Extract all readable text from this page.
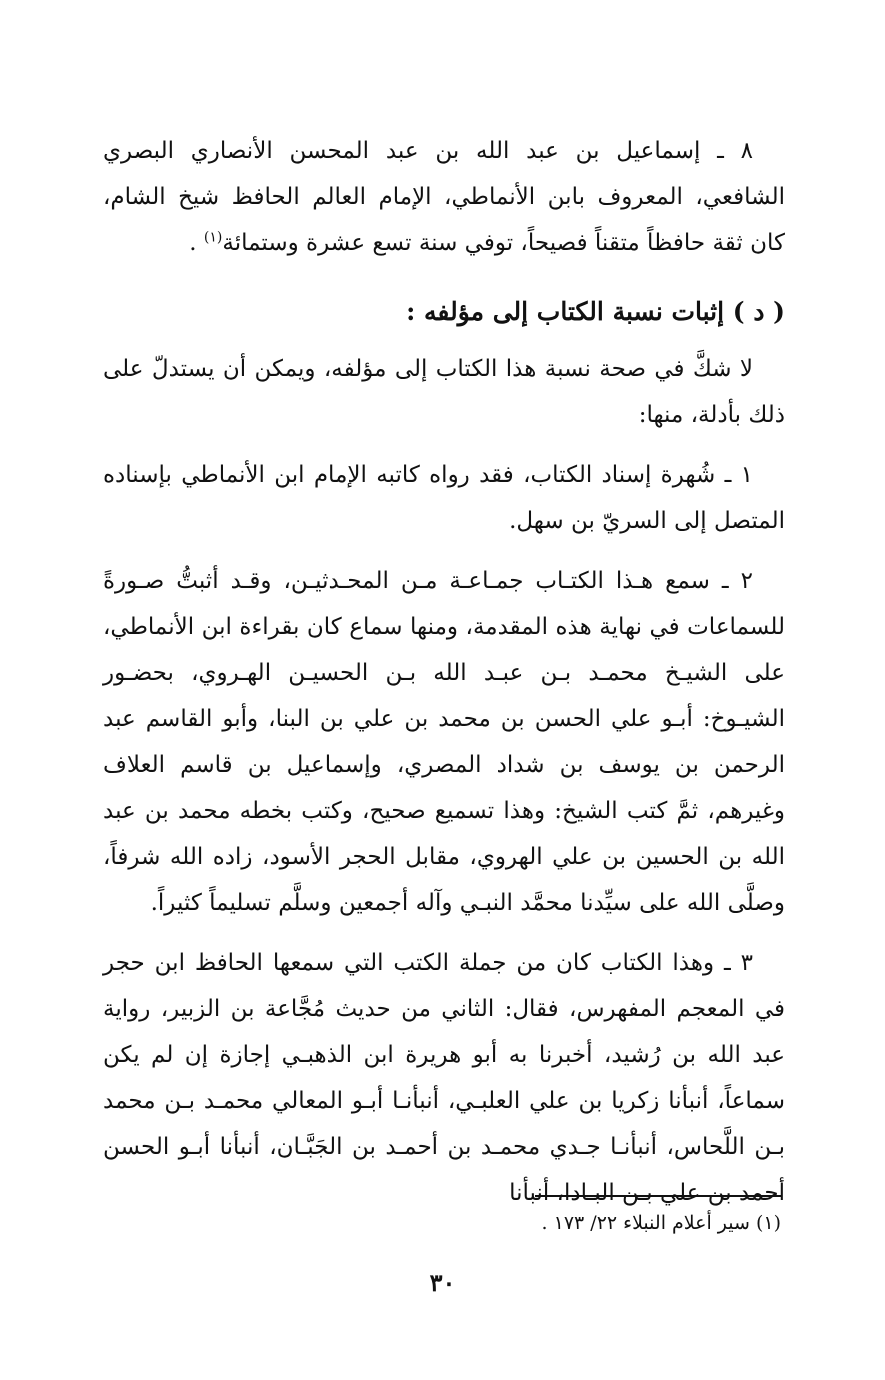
٨ ـ إسماعيل بن عبد الله بن عبد المحسن الأنصاري البصري الشافعي، المعروف بابن الأنماطي، الإمام العالم الحافظ شيخ الشام، كان ثقة حافظاً متقناً فصيحاً، توفي سنة تسع عشرة وستمائة$^{(١)}$ .

( د ) إثبات نسبة الكتاب إلى مؤلفه :

لا شكَّ في صحة نسبة هذا الكتاب إلى مؤلفه، ويمكن أن يستدلّ على ذلك بأدلة، منها:

١ ـ شُهرة إسناد الكتاب، فقد رواه كاتبه الإمام ابن الأنماطي بإسناده المتصل إلى السريّ بن سهل.

٢ ـ سمع هـذا الكتـاب جمـاعـة مـن المحـدثيـن، وقـد أثبتُّ صـورةً للسماعات في نهاية هذه المقدمة، ومنها سماع كان بقراءة ابن الأنماطي، على الشيـخ محمـد بـن عبـد الله بـن الحسيـن الهـروي، بحضـور الشيـوخ: أبـو علي الحسن بن محمد بن علي بن البنا، وأبو القاسم عبد الرحمن بن يوسف بن شداد المصري، وإسماعيل بن قاسم العلاف وغيرهم، ثمَّ كتب الشيخ: وهذا تسميع صحيح، وكتب بخطه محمد بن عبد الله بن الحسين بن علي الهروي، مقابل الحجر الأسود، زاده الله شرفاً، وصلَّى الله على سيِّدنا محمَّد النبـي وآله أجمعين وسلَّم تسليماً كثيراً.

٣ ـ وهذا الكتاب كان من جملة الكتب التي سمعها الحافظ ابن حجر في المعجم المفهرس، فقال: الثاني من حديث مُجَّاعة بن الزبير، رواية عبد الله بن رُشيد، أخبرنا به أبو هريرة ابن الذهبـي إجازة إن لم يكن سماعاً، أنبأنا زكريا بن علي العلبـي، أنبأنـا أبـو المعالي محمـد بـن محمد بـن اللَّحاس، أنبأنـا جـدي محمـد بن أحمـد بن الجَبَّـان، أنبأنا أبـو الحسن أحمد بن علي بـن البـادا، أنبأنا

(١) سير أعلام النبلاء ٢٢/ ١٧٣ .

٣٠
